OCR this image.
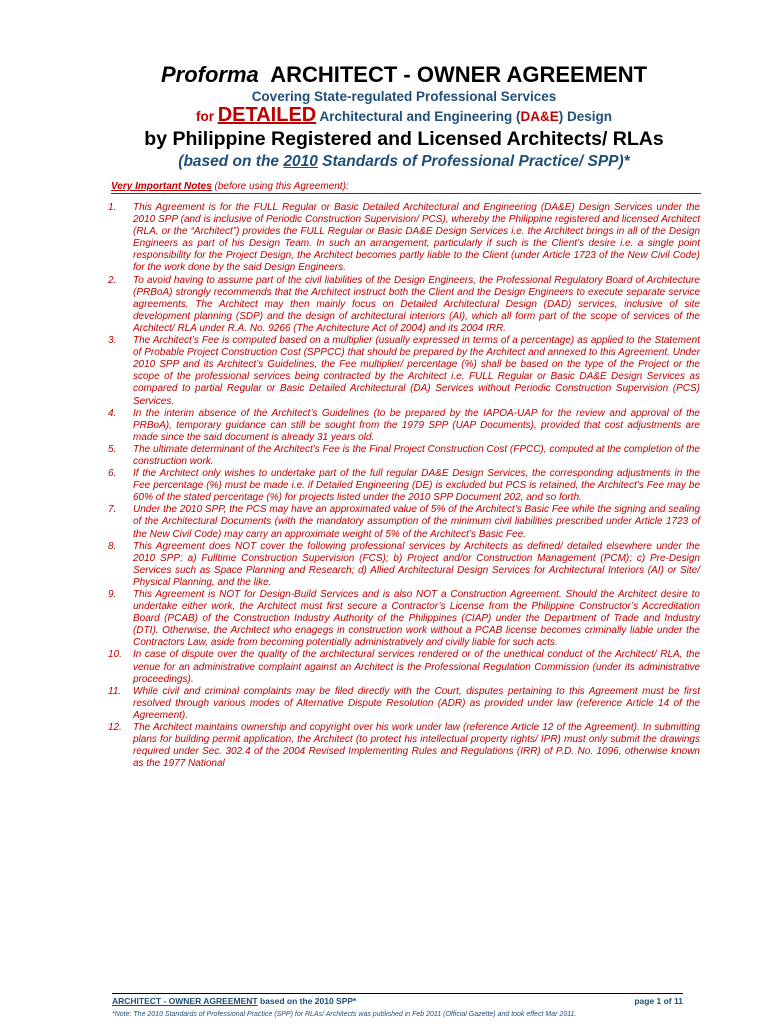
Proforma ARCHITECT - OWNER AGREEMENT
Covering State-regulated Professional Services
for DETAILED Architectural and Engineering (DA&E) Design
by Philippine Registered and Licensed Architects/ RLAs
(based on the 2010 Standards of Professional Practice/ SPP)*
Very Important Notes (before using this Agreement):
1. This Agreement is for the FULL Regular or Basic Detailed Architectural and Engineering (DA&E) Design Services under the 2010 SPP (and is inclusive of Periodic Construction Supervision/ PCS), whereby the Philippine registered and licensed Architect (RLA, or the “Architect”) provides the FULL Regular or Basic DA&E Design Services i.e. the Architect brings in all of the Design Engineers as part of his Design Team. In such an arrangement, particularly if such is the Client’s desire i.e. a single point responsibility for the Project Design, the Architect becomes partly liable to the Client (under Article 1723 of the New Civil Code) for the work done by the said Design Engineers.
2. To avoid having to assume part of the civil liabilities of the Design Engineers, the Professional Regulatory Board of Architecture (PRBoA) strongly recommends that the Architect instruct both the Client and the Design Engineers to execute separate service agreements. The Architect may then mainly focus on Detailed Architectural Design (DAD) services, inclusive of site development planning (SDP) and the design of architectural interiors (AI), which all form part of the scope of services of the Architect/ RLA under R.A. No. 9266 (The Architecture Act of 2004) and its 2004 IRR.
3. The Architect’s Fee is computed based on a multiplier (usually expressed in terms of a percentage) as applied to the Statement of Probable Project Construction Cost (SPPCC) that should be prepared by the Architect and annexed to this Agreement. Under 2010 SPP and its Architect’s Guidelines, the Fee multiplier/ percentage (%) shall be based on the type of the Project or the scope of the professional services being contracted by the Architect i.e. FULL Regular or Basic DA&E Design Services as compared to partial Regular or Basic Detailed Architectural (DA) Services without Periodic Construction Supervision (PCS) Services.
4. In the interim absence of the Architect’s Guidelines (to be prepared by the IAPOA-UAP for the review and approval of the PRBoA), temporary guidance can still be sought from the 1979 SPP (UAP Documents), provided that cost adjustments are made since the said document is already 31 years old.
5. The ultimate determinant of the Architect’s Fee is the Final Project Construction Cost (FPCC), computed at the completion of the construction work.
6. If the Architect only wishes to undertake part of the full regular DA&E Design Services, the corresponding adjustments in the Fee percentage (%) must be made i.e. if Detailed Engineering (DE) is excluded but PCS is retained, the Architect’s Fee may be 60% of the stated percentage (%) for projects listed under the 2010 SPP Document 202, and so forth.
7. Under the 2010 SPP, the PCS may have an approximated value of 5% of the Architect’s Basic Fee while the signing and sealing of the Architectural Documents (with the mandatory assumption of the minimum civil liabilities prescribed under Article 1723 of the New Civil Code) may carry an approximate weight of 5% of the Architect’s Basic Fee.
8. This Agreement does NOT cover the following professional services by Architects as defined/ detailed elsewhere under the 2010 SPP: a) Fulltime Construction Supervision (FCS); b) Project and/or Construction Management (PCM); c) Pre-Design Services such as Space Planning and Research; d) Allied Architectural Design Services for Architectural Interiors (AI) or Site/ Physical Planning, and the like.
9. This Agreement is NOT for Design-Build Services and is also NOT a Construction Agreement. Should the Architect desire to undertake either work, the Architect must first secure a Contractor’s License from the Philippine Constructor’s Accreditation Board (PCAB) of the Construction Industry Authority of the Philippines (CIAP) under the Department of Trade and Industry (DTI). Otherwise, the Architect who enagegs in construction work without a PCAB license becomes criminally liable under the Contractors Law, aside from becoming potentially administratively and civilly liable for such acts.
10. In case of dispute over the quality of the architectural services rendered or of the unethical conduct of the Architect/ RLA, the venue for an administrative complaint against an Architect is the Professional Regulation Commission (under its administrative proceedings).
11. While civil and criminal complaints may be filed directly with the Court, disputes pertaining to this Agreement must be first resolved through various modes of Alternative Dispute Resolution (ADR) as provided under law (reference Article 14 of the Agreement).
12. The Architect maintains ownership and copyright over his work under law (reference Article 12 of the Agreement). In submitting plans for building permit application, the Architect (to protect his intellectual property rights/ IPR) must only submit the drawings required under Sec. 302.4 of the 2004 Revised Implementing Rules and Regulations (IRR) of P.D. No. 1096, otherwise known as the 1977 National
ARCHITECT - OWNER AGREEMENT based on the 2010 SPP*	page 1 of 11
*Note: The 2010 Standards of Professional Practice (SPP) for RLAs/ Architects was published in Feb 2011 (Official Gazette) and took effect Mar 2011.
